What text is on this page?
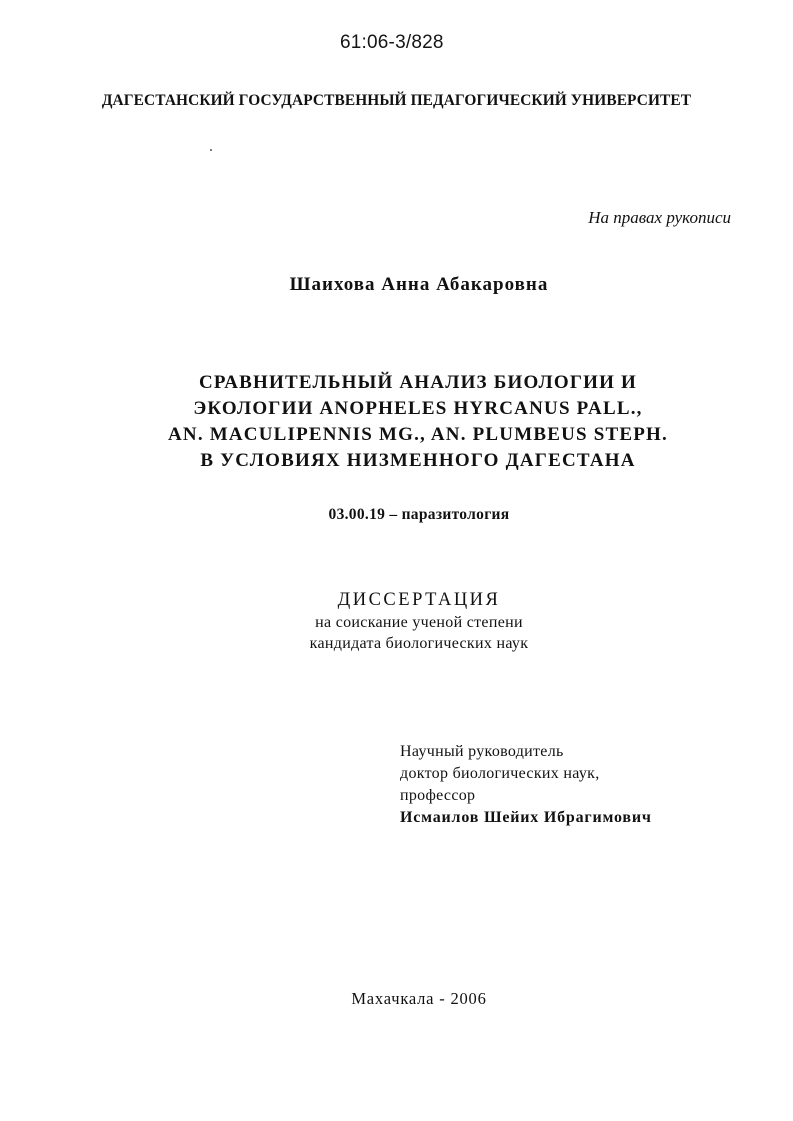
61:06-3/828
ДАГЕСТАНСКИЙ ГОСУДАРСТВЕННЫЙ ПЕДАГОГИЧЕСКИЙ УНИВЕРСИТЕТ
На правах рукописи
Шаихова Анна Абакаровна
СРАВНИТЕЛЬНЫЙ АНАЛИЗ БИОЛОГИИ И
ЭКОЛОГИИ ANOPHELES HYRCANUS PALL.,
AN. MACULIPENNIS MG., AN. PLUMBEUS STEPH.
В УСЛОВИЯХ НИЗМЕННОГО ДАГЕСТАНА
03.00.19 – паразитология
ДИССЕРТАЦИЯ
на соискание ученой степени
кандидата биологических наук
Научный руководитель
доктор биологических наук,
профессор
Исмаилов Шейих Ибрагимович
Махачкала - 2006
